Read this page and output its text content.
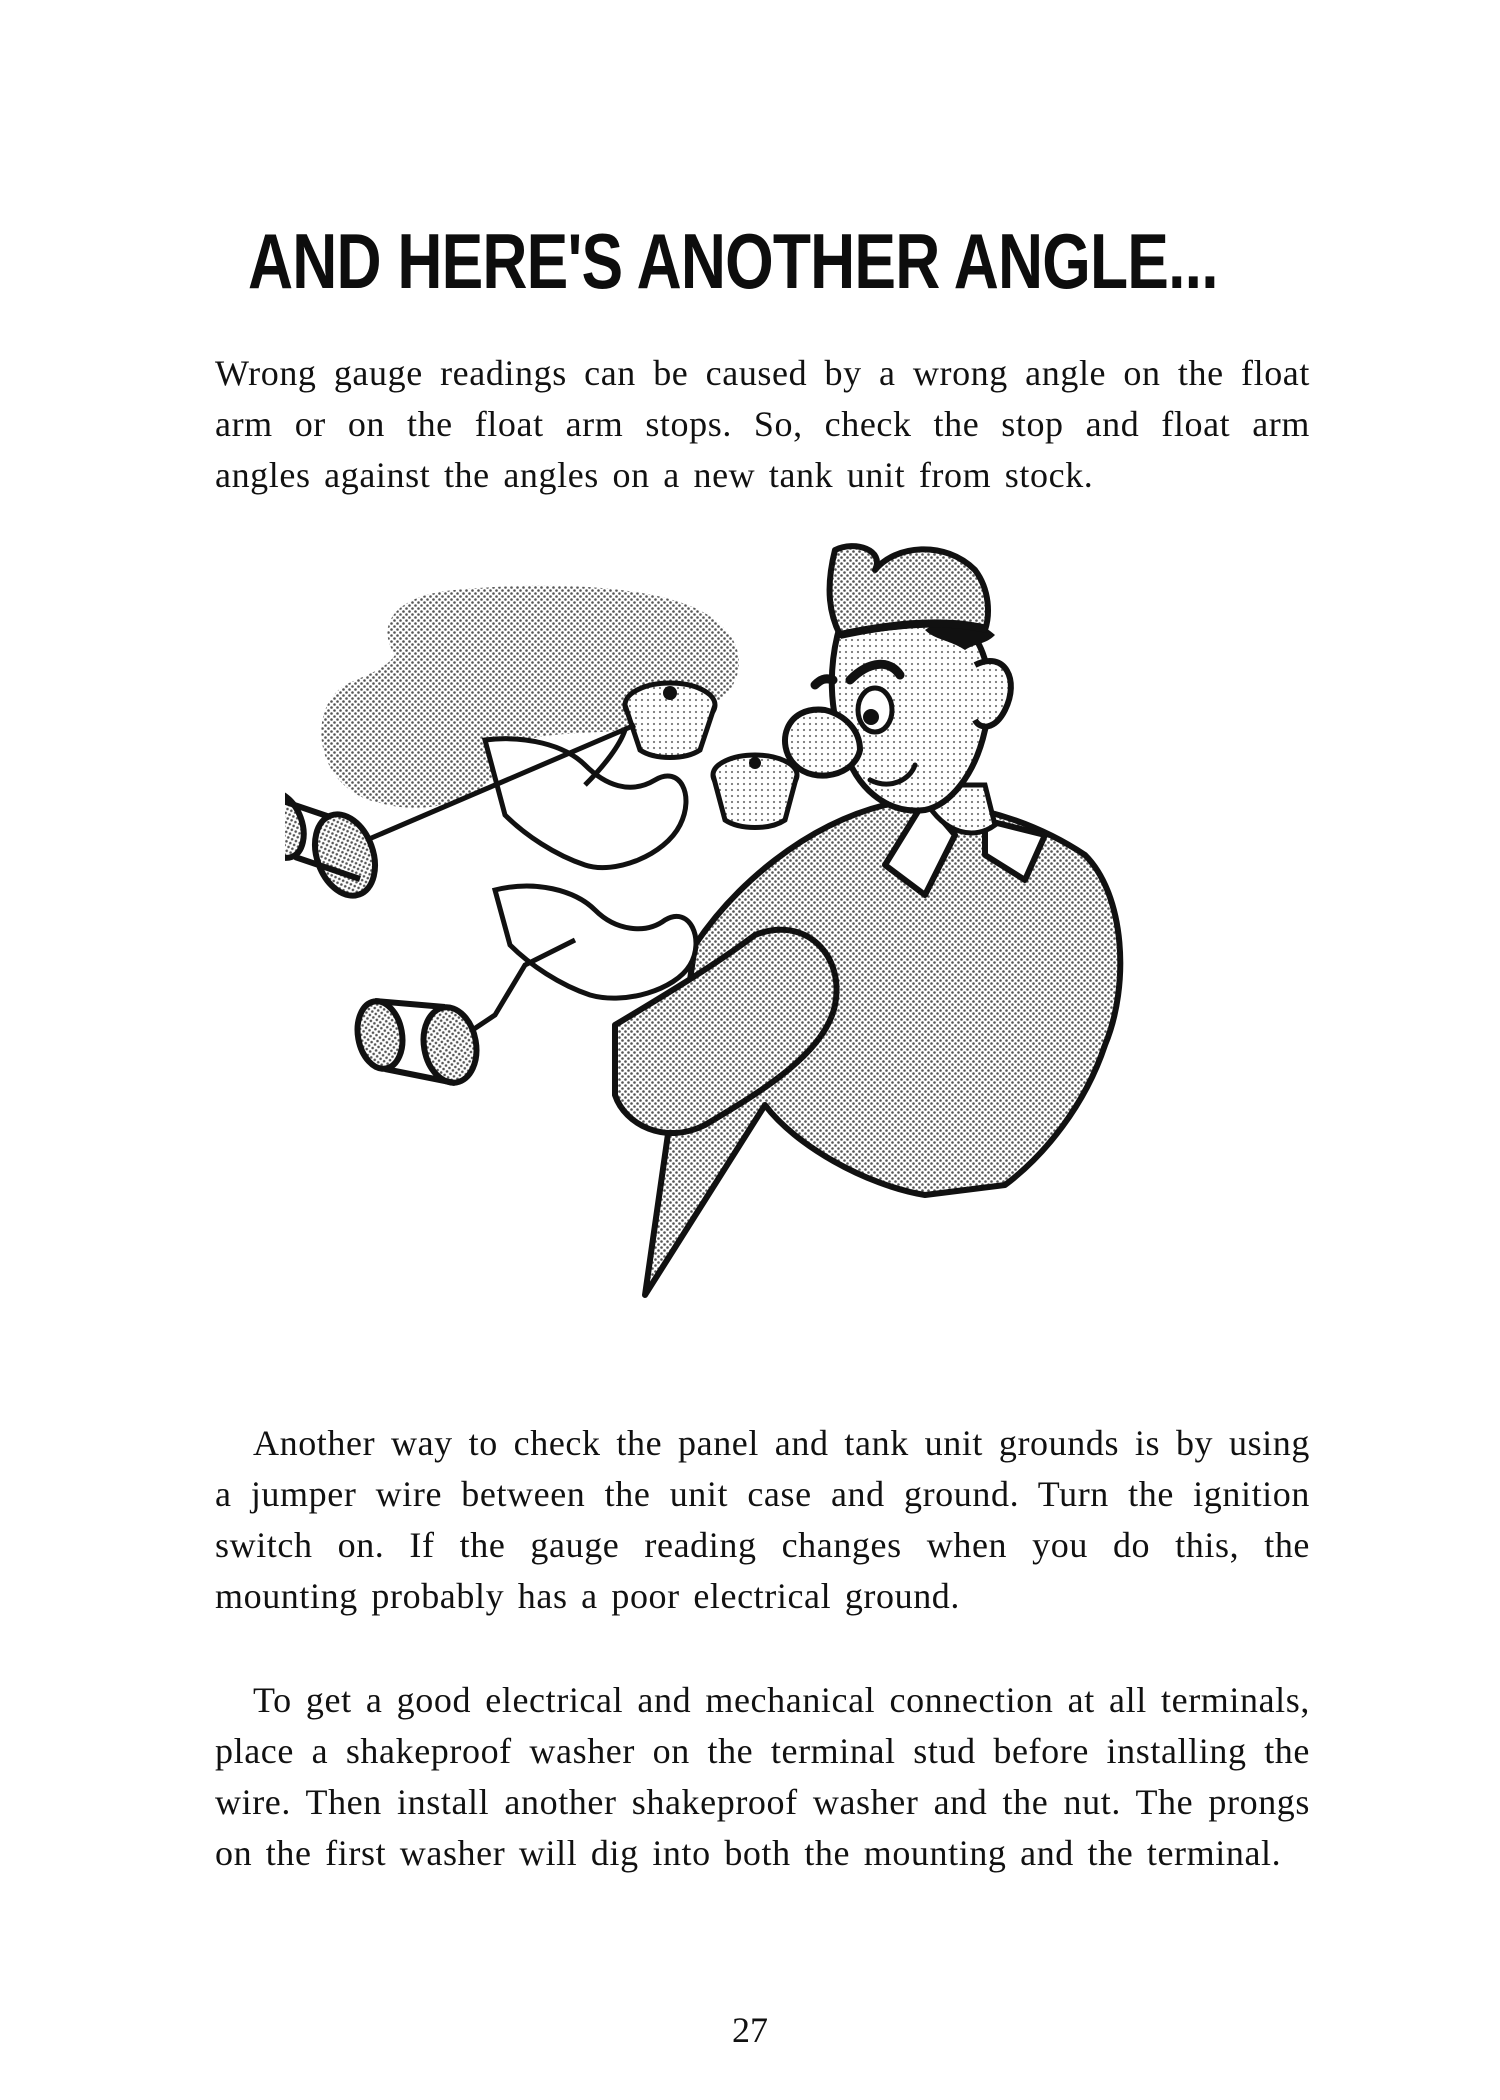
AND HERE'S ANOTHER ANGLE...

Wrong gauge readings can be caused by a wrong angle on the float arm or on the float arm stops. So, check the stop and float arm angles against the angles on a new tank unit from stock.

Another way to check the panel and tank unit grounds is by using a jumper wire between the unit case and ground. Turn the ignition switch on. If the gauge reading changes when you do this, the mounting probably has a poor electrical ground.

To get a good electrical and mechanical connection at all terminals, place a shakeproof washer on the terminal stud before installing the wire. Then install another shakeproof washer and the nut. The prongs on the first washer will dig into both the mounting and the terminal.

27
